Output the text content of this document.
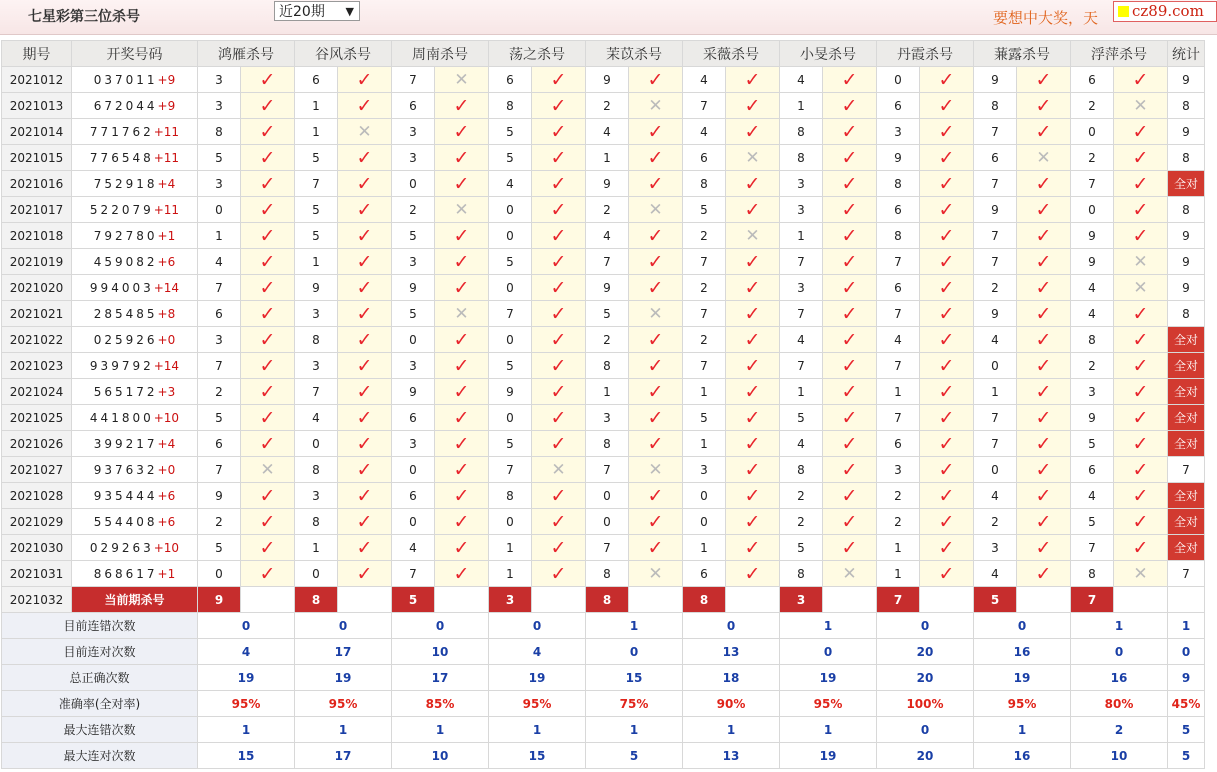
七星彩第三位杀号	近20期 ▼	要想中大奖，天 cz89.com
期号	开奖号码	鸿雁杀号		谷风杀号		周南杀号		荡之杀号		茉苡杀号		采薇杀号		小旻杀号		丹霞杀号		蒹露杀号		浮萍杀号		统计
2021012	037011+9	3	✓	6	✓	7	✕	6	✓	9	✓	4	✓	4	✓	0	✓	9	✓	6	✓	9
2021013	672044+9	3	✓	1	✓	6	✓	8	✓	2	✕	7	✓	1	✓	6	✓	8	✓	2	✕	8
2021014	771762+11	8	✓	1	✕	3	✓	5	✓	4	✓	4	✓	8	✓	3	✓	7	✓	0	✓	9
2021015	776548+11	5	✓	5	✓	3	✓	5	✓	1	✓	6	✕	8	✓	9	✓	6	✕	2	✓	8
2021016	752918+4	3	✓	7	✓	0	✓	4	✓	9	✓	8	✓	3	✓	8	✓	7	✓	7	✓	全对
2021017	522079+11	0	✓	5	✓	2	✕	0	✓	2	✕	5	✓	3	✓	6	✓	9	✓	0	✓	8
2021018	792780+1	1	✓	5	✓	5	✓	0	✓	4	✓	2	✕	1	✓	8	✓	7	✓	9	✓	9
2021019	459082+6	4	✓	1	✓	3	✓	5	✓	7	✓	7	✓	7	✓	7	✓	7	✓	9	✕	9
2021020	994003+14	7	✓	9	✓	9	✓	0	✓	9	✓	2	✓	3	✓	6	✓	2	✓	4	✕	9
2021021	285485+8	6	✓	3	✓	5	✕	7	✓	5	✕	7	✓	7	✓	7	✓	9	✓	4	✓	8
2021022	025926+0	3	✓	8	✓	0	✓	0	✓	2	✓	2	✓	4	✓	4	✓	4	✓	8	✓	全对
2021023	939792+14	7	✓	3	✓	3	✓	5	✓	8	✓	7	✓	7	✓	7	✓	0	✓	2	✓	全对
2021024	565172+3	2	✓	7	✓	9	✓	9	✓	1	✓	1	✓	1	✓	1	✓	1	✓	3	✓	全对
2021025	441800+10	5	✓	4	✓	6	✓	0	✓	3	✓	5	✓	5	✓	7	✓	7	✓	9	✓	全对
2021026	399217+4	6	✓	0	✓	3	✓	5	✓	8	✓	1	✓	4	✓	6	✓	7	✓	5	✓	全对
2021027	937632+0	7	✕	8	✓	0	✓	7	✕	7	✕	3	✓	8	✓	3	✓	0	✓	6	✓	7
2021028	935444+6	9	✓	3	✓	6	✓	8	✓	0	✓	0	✓	2	✓	2	✓	4	✓	4	✓	全对
2021029	554408+6	2	✓	8	✓	0	✓	0	✓	0	✓	0	✓	2	✓	2	✓	2	✓	5	✓	全对
2021030	029263+10	5	✓	1	✓	4	✓	1	✓	7	✓	1	✓	5	✓	1	✓	3	✓	7	✓	全对
2021031	868617+1	0	✓	0	✓	7	✓	1	✓	8	✕	6	✓	8	✕	1	✓	4	✓	8	✕	7
2021032	当前期杀号	9		8		5		3		8		8		3		7		5		7		
目前连错次数		0		0		0		0		1		0		1		0		0		1		1
目前连对次数		4		17		10		4		0		13		0		20		16		0		0
总正确次数		19		19		17		19		15		18		19		20		19		16		9
准确率(全对率)		95%		95%		85%		95%		75%		90%		95%		100%		95%		80%		45%
最大连错次数		1		1		1		1		1		1		1		0		1		2		5
最大连对次数		15		17		10		15		5		13		19		20		16		10		5
